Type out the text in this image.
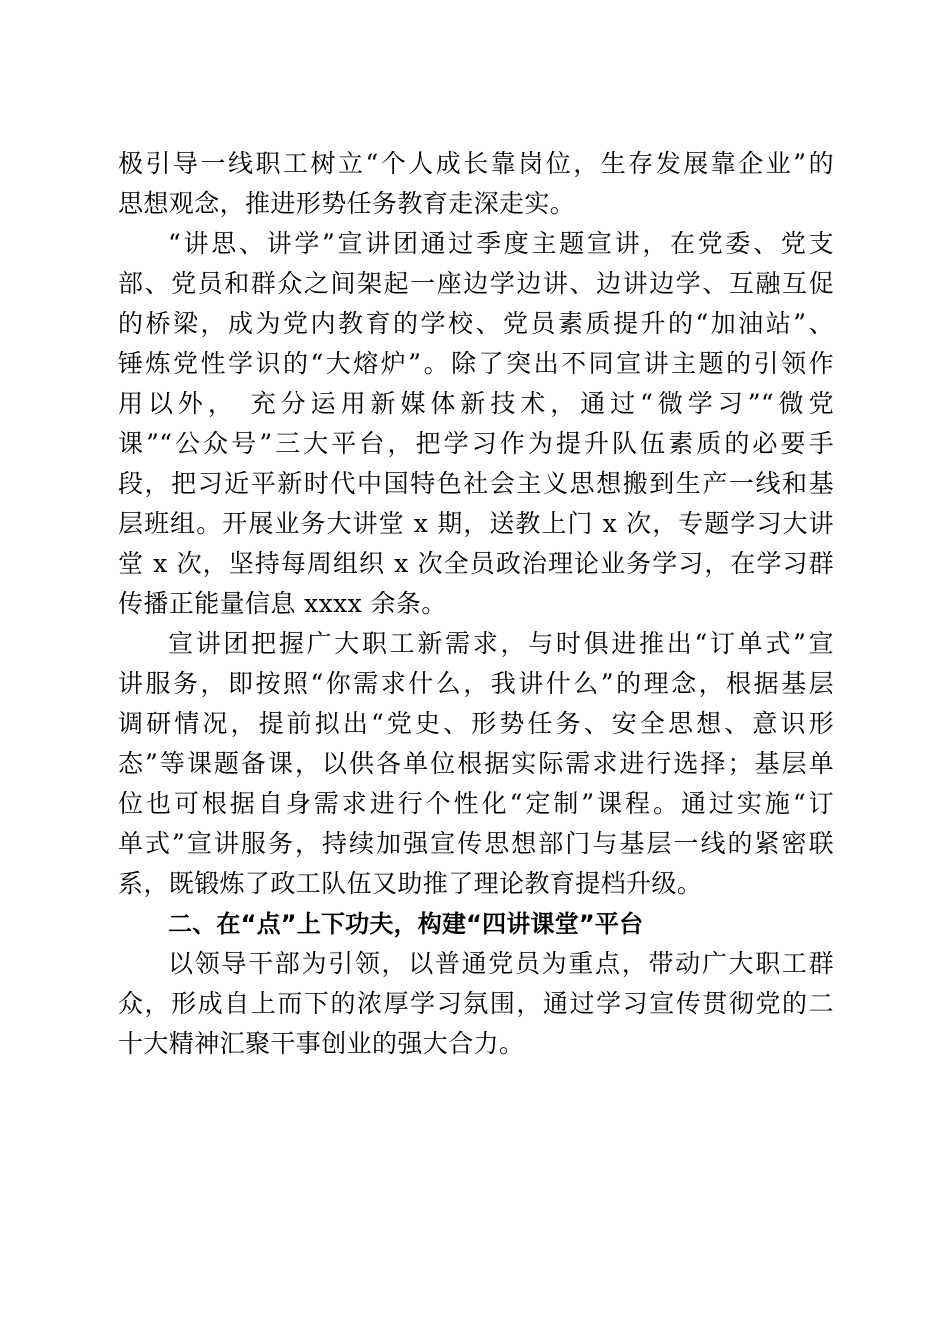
极引导一线职工树立“个人成长靠岗位，生存发展靠企业”的
思想观念，推进形势任务教育走深走实。
“讲思、讲学”宣讲团通过季度主题宣讲，在党委、党支
部、党员和群众之间架起一座边学边讲、边讲边学、互融互促
的桥梁，成为党内教育的学校、党员素质提升的“加油站”、
锤炼党性学识的“大熔炉”。除了突出不同宣讲主题的引领作
用以外， 充分运用新媒体新技术，通过“微学习”“微党
课”“公众号”三大平台，把学习作为提升队伍素质的必要手
段，把习近平新时代中国特色社会主义思想搬到生产一线和基
层班组。开展业务大讲堂 x 期，送教上门 x 次，专题学习大讲
堂 x 次，坚持每周组织 x 次全员政治理论业务学习，在学习群
传播正能量信息 xxxx 余条。
宣讲团把握广大职工新需求，与时俱进推出“订单式”宣
讲服务，即按照“你需求什么，我讲什么”的理念，根据基层
调研情况，提前拟出“党史、形势任务、安全思想、意识形
态”等课题备课，以供各单位根据实际需求进行选择；基层单
位也可根据自身需求进行个性化“定制”课程。通过实施“订
单式”宣讲服务，持续加强宣传思想部门与基层一线的紧密联
系，既锻炼了政工队伍又助推了理论教育提档升级。
二、在“点”上下功夫，构建“四讲课堂”平台
以领导干部为引领，以普通党员为重点，带动广大职工群
众，形成自上而下的浓厚学习氛围，通过学习宣传贯彻党的二
十大精神汇聚干事创业的强大合力。
